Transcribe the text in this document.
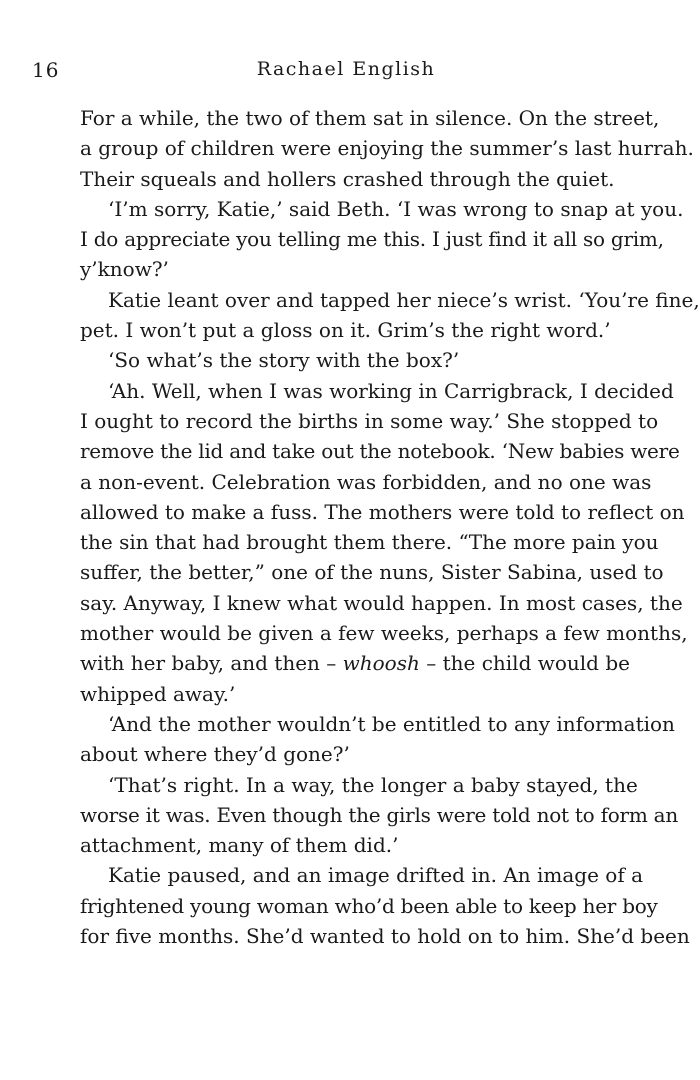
16	Rachael English
For a while, the two of them sat in silence. On the street,
a group of children were enjoying the summer’s last hurrah.
Their squeals and hollers crashed through the quiet.
‘I’m sorry, Katie,’ said Beth. ‘I was wrong to snap at you.
I do appreciate you telling me this. I just find it all so grim,
y’know?’
Katie leant over and tapped her niece’s wrist. ‘You’re fine,
pet. I won’t put a gloss on it. Grim’s the right word.’
‘So what’s the story with the box?’
‘Ah. Well, when I was working in Carrigbrack, I decided
I ought to record the births in some way.’ She stopped to
remove the lid and take out the notebook. ‘New babies were
a non-event. Celebration was forbidden, and no one was
allowed to make a fuss. The mothers were told to reflect on
the sin that had brought them there. “The more pain you
suffer, the better,” one of the nuns, Sister Sabina, used to
say. Anyway, I knew what would happen. In most cases, the
mother would be given a few weeks, perhaps a few months,
with her baby, and then – whoosh – the child would be
whipped away.’
‘And the mother wouldn’t be entitled to any information
about where they’d gone?’
‘That’s right. In a way, the longer a baby stayed, the
worse it was. Even though the girls were told not to form an
attachment, many of them did.’
Katie paused, and an image drifted in. An image of a
frightened young woman who’d been able to keep her boy
for five months. She’d wanted to hold on to him. She’d been
